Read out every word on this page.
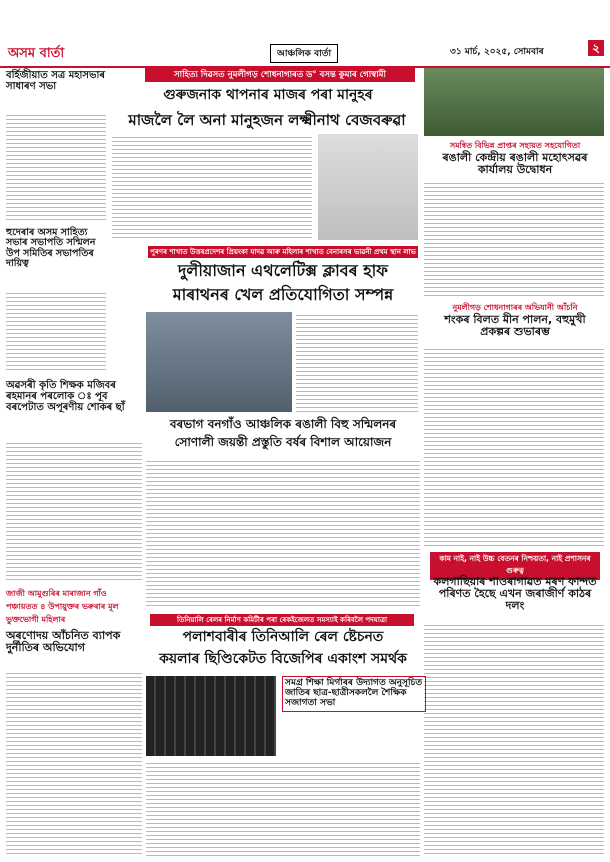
অসম বাৰ্তা	আঞ্চলিক বাৰ্তা	৩১ মাৰ্চ, ২০২৫, সোমবাৰ	২
বৰ্হিজীয়াত সত্ৰ মহাসভাৰ সাধাৰণ সভা
হুদেৰাৰ অসম সাহিত্য সভাৰ সভাপতি সন্মিলন উপ সমিতিৰ সভাপতিৰ দায়িত্ব
অৱসৰী কৃতি শিক্ষক মজিবৰ ৰহমানৰ পৰলোক ঃ পূব বৰপেটাত অপূৰণীয় শোকৰ ছাঁ
জাজী আমুগুৰিৰ মাৰাজান গাঁও পঞ্চায়তত ৪ উপায়ুক্তৰ ভৰুৰাৰ মূল ভুক্তভোগী মহিলাৰ
অৰণোদয় আঁচনিত ব্যাপক দুৰ্নীতিৰ অভিযোগ
সাহিত্য দিৱসত নুমলীগড় শোধনাগাৰত ড° বসন্ত কুমাৰ গোস্বামী
গুৰুজনাক থাপনাৰ মাজৰ পৰা মানুহৰ
মাজলৈ লৈ অনা মানুহজন লক্ষ্মীনাথ বেজবৰুৱা
সমন্বিত বিভিন্ন প্ৰাপ্তৰ সহায়ত সহযোগিতা
ৰঙালী কেন্দ্ৰীয় ৰঙালী মহোৎসৱৰ কাৰ্যালয় উদ্বোধন
নুমলীগড় শোধনাগাৰৰ অভিযানী আঁচনি
শংকৰ বিলত মীন পালন, বহুমুখী প্ৰকল্পৰ শুভাৰম্ভ
কাম নাই, নাই উচ্চ বেতনৰ নিশ্চয়তা, নাই প্ৰশাসনৰ গুৰুত্ব
কলগাছিয়াৰ শাওৰাগাৱত মৰণ ফান্দত পৰিণত হৈছে এখন জৰাজীৰ্ণ কাঠৰ দলং
পুৰণৰ শাখাত উত্তৰপ্ৰদেশৰ প্ৰিয়ংকা যাদৱ আৰু মহিলাৰ শাখাত বেনাৰসৰ ভাৱনী প্ৰথম স্থান লাভ
দুলীয়াজান এথলেটিক্স ক্লাবৰ হাফ
মাৰাথনৰ খেল প্ৰতিযোগিতা সম্পন্ন
বৰভাগ বনগাঁও আঞ্চলিক ৰঙালী বিহু সন্মিলনৰ
সোণালী জয়ন্তী প্ৰস্তুতি বৰ্ষৰ বিশাল আয়োজন
তিনিয়ালি ৰেলৰ নিৰ্মাণ কমিটীৰ পৰা ৰেকইজেলত সমস্যাই কৰিবলৈ পদযাত্ৰা
পলাশবাৰীৰ তিনিআলি ৰেল ষ্টেচনত
কয়লাৰ ছিণ্ডিকেটত বিজেপিৰ একাংশ সমৰ্থক
সমগ্ৰ শিক্ষা মিৰ্গাৰৰ উদ্যাগত অনুসূচিত জাতিৰ ছাত্ৰ-ছাত্ৰীসকললৈ শৈক্ষিক সজাগতা সভা
